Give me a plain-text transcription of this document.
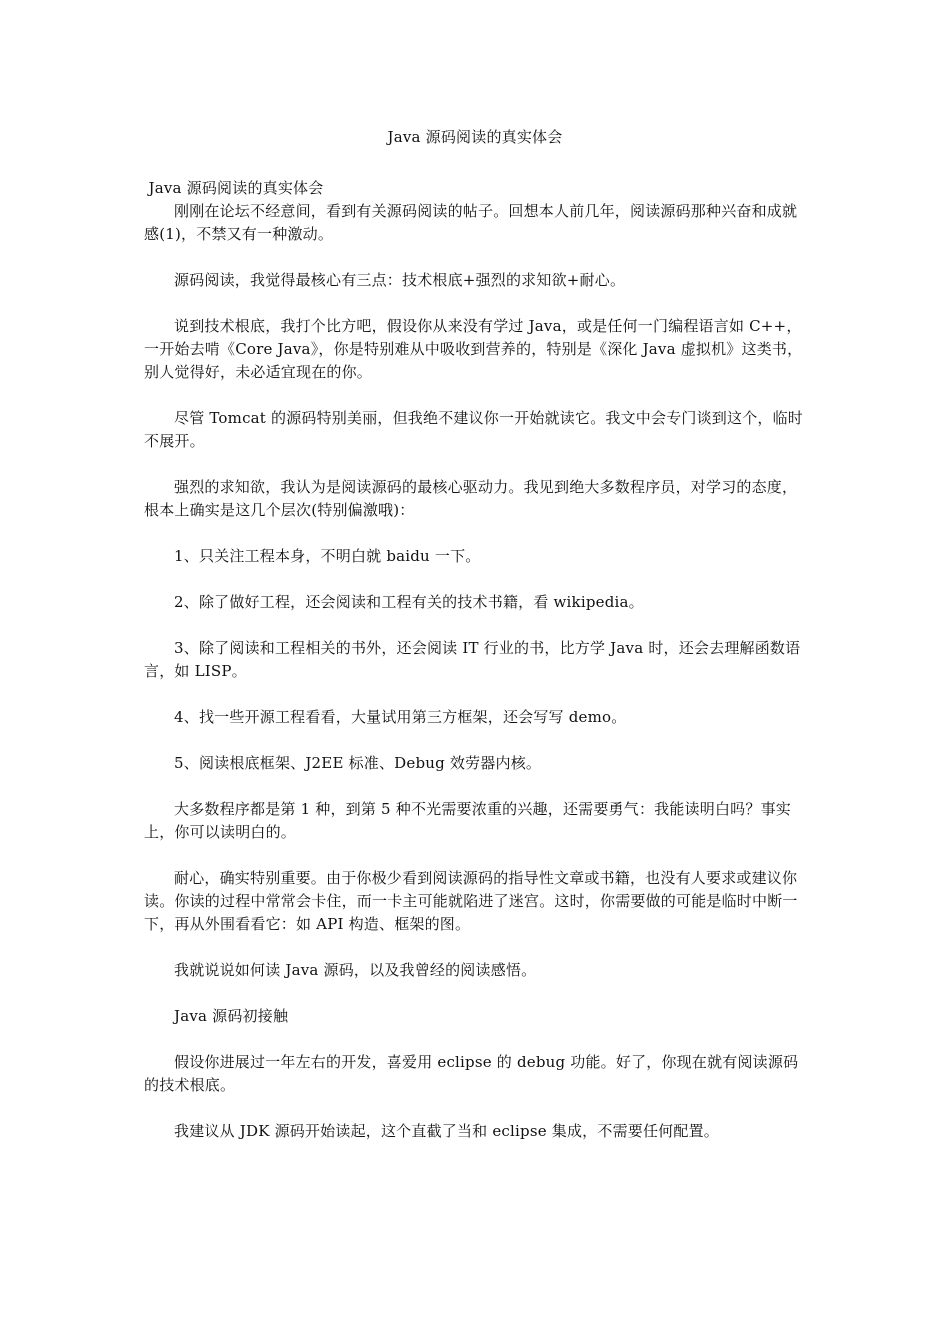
Java 源码阅读的真实体会

Java 源码阅读的真实体会

刚刚在论坛不经意间，看到有关源码阅读的帖子。回想本人前几年，阅读源码那种兴奋和成就感(1)，不禁又有一种激动。

源码阅读，我觉得最核心有三点：技术根底+强烈的求知欲+耐心。

说到技术根底，我打个比方吧，假设你从来没有学过 Java，或是任何一门编程语言如 C++，一开始去啃《Core Java》，你是特别难从中吸收到营养的，特别是《深化 Java 虚拟机》这类书，别人觉得好，未必适宜现在的你。

尽管 Tomcat 的源码特别美丽，但我绝不建议你一开始就读它。我文中会专门谈到这个，临时不展开。

强烈的求知欲，我认为是阅读源码的最核心驱动力。我见到绝大多数程序员，对学习的态度，根本上确实是这几个层次(特别偏激哦)：

1、只关注工程本身，不明白就 baidu 一下。

2、除了做好工程，还会阅读和工程有关的技术书籍，看 wikipedia。

3、除了阅读和工程相关的书外，还会阅读 IT 行业的书，比方学 Java 时，还会去理解函数语言，如 LISP。

4、找一些开源工程看看，大量试用第三方框架，还会写写 demo。

5、阅读根底框架、J2EE 标准、Debug 效劳器内核。

大多数程序都是第 1 种，到第 5 种不光需要浓重的兴趣，还需要勇气：我能读明白吗？事实上，你可以读明白的。

耐心，确实特别重要。由于你极少看到阅读源码的指导性文章或书籍，也没有人要求或建议你读。你读的过程中常常会卡住，而一卡主可能就陷进了迷宫。这时，你需要做的可能是临时中断一下，再从外围看看它：如 API 构造、框架的图。

我就说说如何读 Java 源码，以及我曾经的阅读感悟。

Java 源码初接触

假设你进展过一年左右的开发，喜爱用 eclipse 的 debug 功能。好了，你现在就有阅读源码的技术根底。

我建议从 JDK 源码开始读起，这个直截了当和 eclipse 集成，不需要任何配置。
